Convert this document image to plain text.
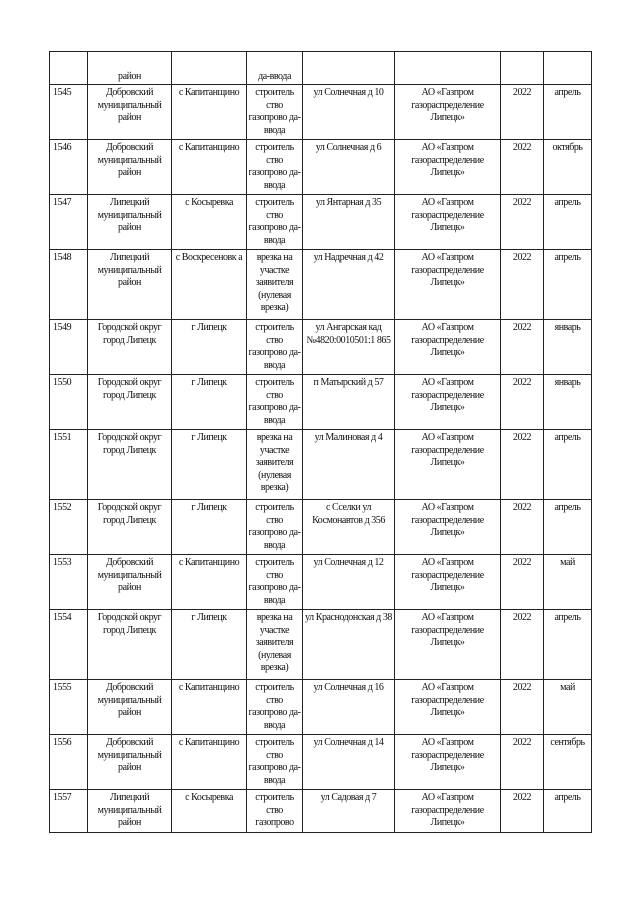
	район		да-ввода				
1545	Добровский муниципальный район	с Капитанщино	строитель ство газопрово да-ввода	ул Солнечная д 10	АО «Газпром газораспределение Липецк»	2022	апрель
1546	Добровский муниципальный район	с Капитанщино	строитель ство газопрово да-ввода	ул Солнечная д 6	АО «Газпром газораспределение Липецк»	2022	октябрь
1547	Липецкий муниципальный район	с Косыревка	строитель ство газопрово да-ввода	ул Янтарная д 35	АО «Газпром газораспределение Липецк»	2022	апрель
1548	Липецкий муниципальный район	с Воскресеновк а	врезка на участке заявителя (нулевая врезка)	ул Надречная д 42	АО «Газпром газораспределение Липецк»	2022	апрель
1549	Городской округ город Липецк	г Липецк	строитель ство газопрово да-ввода	ул Ангарская кад №4820:0010501:1 865	АО «Газпром газораспределение Липецк»	2022	январь
1550	Городской округ город Липецк	г Липецк	строитель ство газопрово да-ввода	п Матырский д 57	АО «Газпром газораспределение Липецк»	2022	январь
1551	Городской округ город Липецк	г Липецк	врезка на участке заявителя (нулевая врезка)	ул Малиновая д 4	АО «Газпром газораспределение Липецк»	2022	апрель
1552	Городской округ город Липецк	г Липецк	строитель ство газопрово да-ввода	с Сселки ул Космонавтов д 356	АО «Газпром газораспределение Липецк»	2022	апрель
1553	Добровский муниципальный район	с Капитанщино	строитель ство газопрово да-ввода	ул Солнечная д 12	АО «Газпром газораспределение Липецк»	2022	май
1554	Городской округ город Липецк	г Липецк	врезка на участке заявителя (нулевая врезка)	ул Краснодонская д 38	АО «Газпром газораспределение Липецк»	2022	апрель
1555	Добровский муниципальный район	с Капитанщино	строитель ство газопрово да-ввода	ул Солнечная д 16	АО «Газпром газораспределение Липецк»	2022	май
1556	Добровский муниципальный район	с Капитанщино	строитель ство газопрово да-ввода	ул Солнечная д 14	АО «Газпром газораспределение Липецк»	2022	сентябрь
1557	Липецкий муниципальный район	с Косыревка	строитель ство газопрово	ул Садовая д 7	АО «Газпром газораспределение Липецк»	2022	апрель
